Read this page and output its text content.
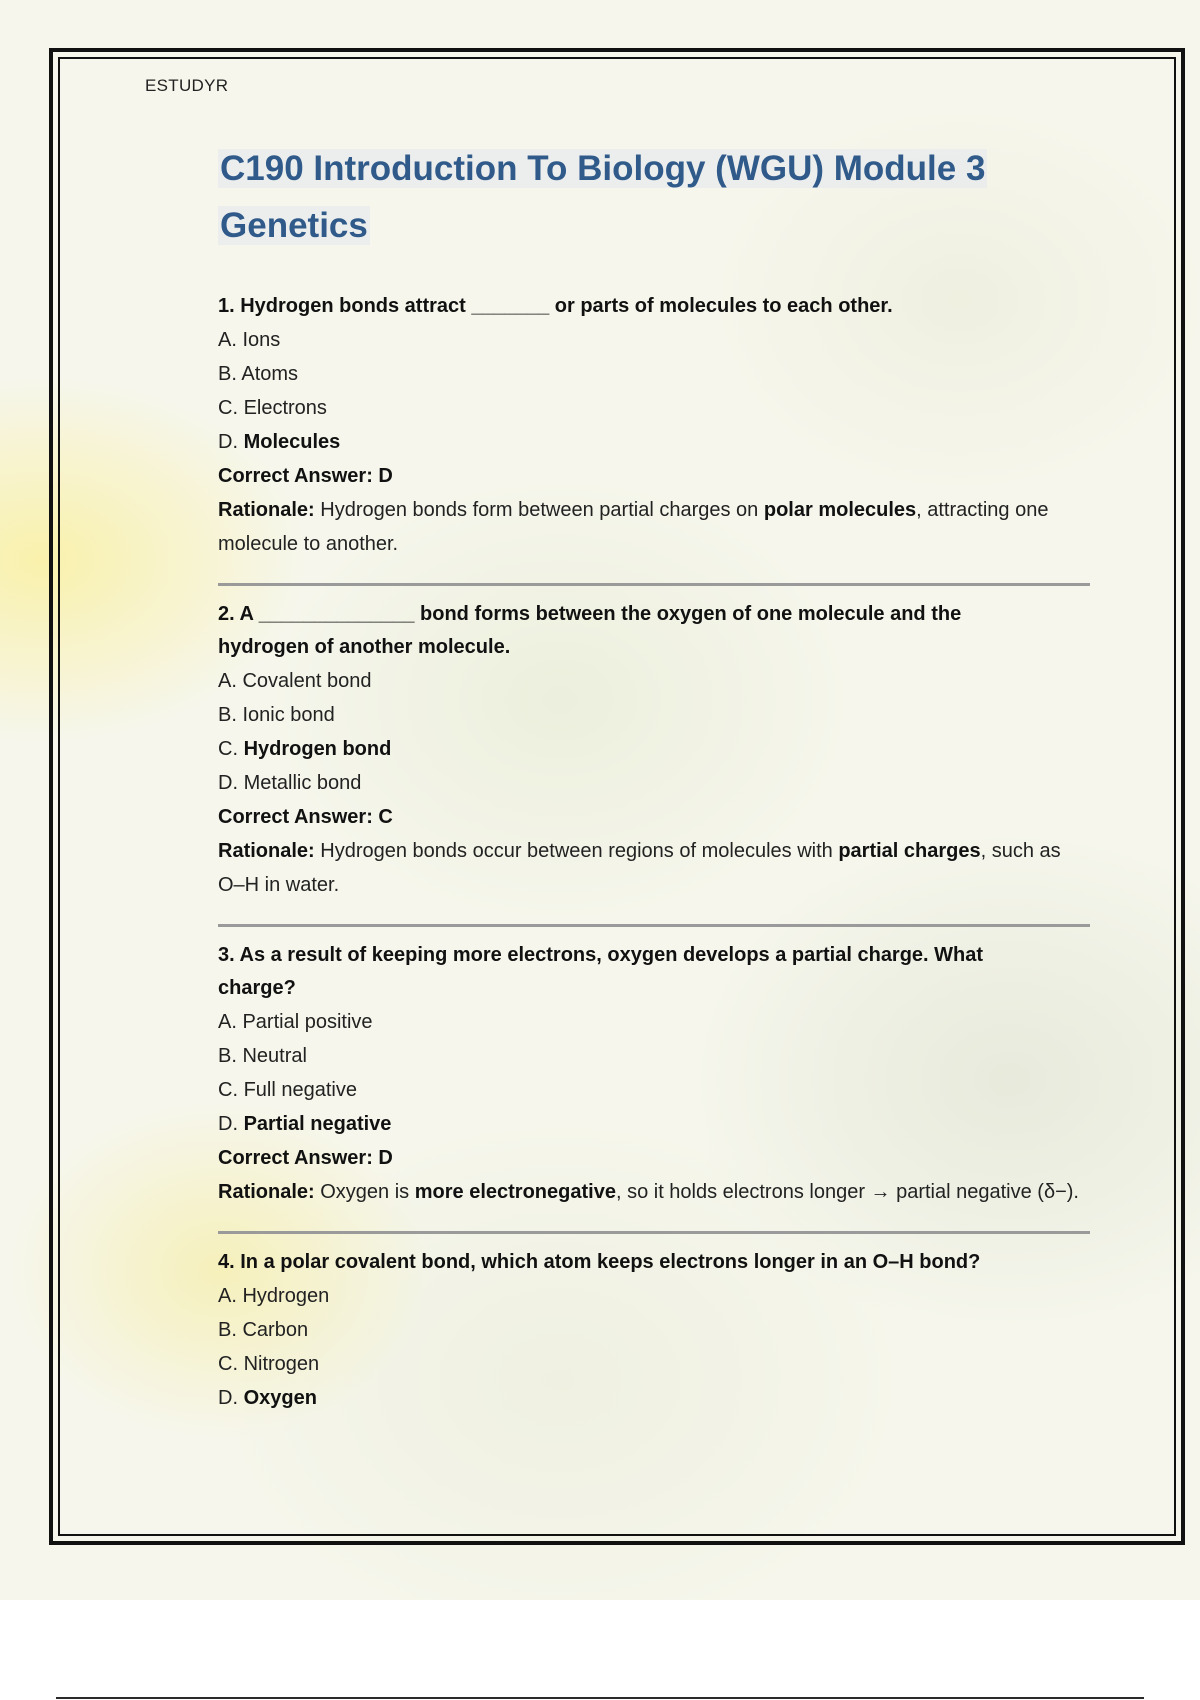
ESTUDYR
C190 Introduction To Biology (WGU) Module 3
Genetics

1. Hydrogen bonds attract _______ or parts of molecules to each other.

A. Ions

B. Atoms

C. Electrons

D. Molecules

Correct Answer: D

Rationale: Hydrogen bonds form between partial charges on polar molecules, attracting one molecule to another.

2. A ______________ bond forms between the oxygen of one molecule and the

hydrogen of another molecule.

A. Covalent bond

B. Ionic bond

C. Hydrogen bond

D. Metallic bond

Correct Answer: C

Rationale: Hydrogen bonds occur between regions of molecules with partial charges, such as O–H in water.

3. As a result of keeping more electrons, oxygen develops a partial charge. What

charge?

A. Partial positive

B. Neutral

C. Full negative

D. Partial negative

Correct Answer: D

Rationale: Oxygen is more electronegative, so it holds electrons longer → partial negative (δ−).

4. In a polar covalent bond, which atom keeps electrons longer in an O–H bond?

A. Hydrogen

B. Carbon

C. Nitrogen

D. Oxygen
